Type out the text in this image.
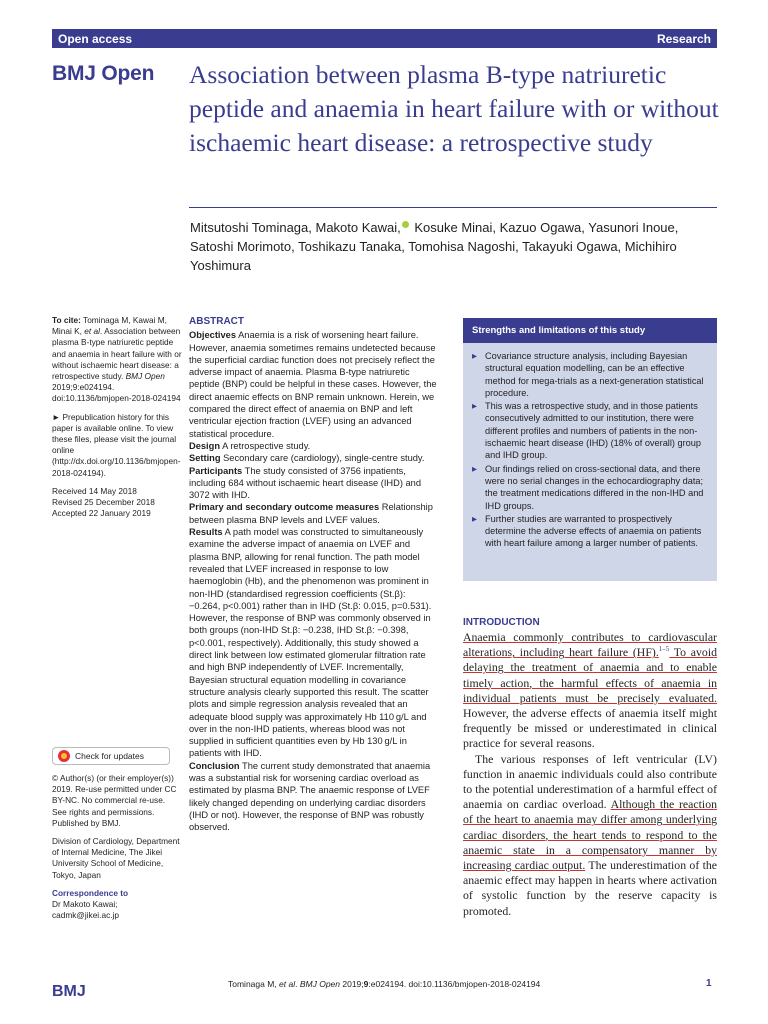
Open access	Research
BMJ Open Association between plasma B-type natriuretic peptide and anaemia in heart failure with or without ischaemic heart disease: a retrospective study
Mitsutoshi Tominaga, Makoto Kawai, Kosuke Minai, Kazuo Ogawa, Yasunori Inoue, Satoshi Morimoto, Toshikazu Tanaka, Tomohisa Nagoshi, Takayuki Ogawa, Michihiro Yoshimura

To cite: Tominaga M, Kawai M, Minai K, et al. Association between plasma B-type natriuretic peptide and anaemia in heart failure with or without ischaemic heart disease: a retrospective study. BMJ Open 2019;9:e024194. doi:10.1136/bmjopen-2018-024194

► Prepublication history for this paper is available online. To view these files, please visit the journal online (http://dx.doi.org/10.1136/bmjopen-2018-024194).

Received 14 May 2018

Revised 25 December 2018

Accepted 22 January 2019

Check for updates

© Author(s) (or their employer(s)) 2019. Re-use permitted under CC BY-NC. No commercial re-use. See rights and permissions. Published by BMJ.

Division of Cardiology, Department of Internal Medicine, The Jikei University School of Medicine, Tokyo, Japan

Correspondence to

Dr Makoto Kawai;

cadmk@jikei.ac.jp

ABSTRACT

Objectives Anaemia is a risk of worsening heart failure. However, anaemia sometimes remains undetected because the superficial cardiac function does not precisely reflect the adverse impact of anaemia. Plasma B-type natriuretic peptide (BNP) could be helpful in these cases. However, the direct anaemic effects on BNP remain unknown. Herein, we compared the direct effect of anaemia on BNP and left ventricular ejection fraction (LVEF) using an advanced statistical procedure.

Design A retrospective study.

Setting Secondary care (cardiology), single-centre study.

Participants The study consisted of 3756 inpatients, including 684 without ischaemic heart disease (IHD) and 3072 with IHD.

Primary and secondary outcome measures Relationship between plasma BNP levels and LVEF values.

Results A path model was constructed to simultaneously examine the adverse impact of anaemia on LVEF and plasma BNP, allowing for renal function. The path model revealed that LVEF increased in response to low haemoglobin (Hb), and the phenomenon was prominent in non-IHD (standardised regression coefficients (St.β): −0.264, p<0.001) rather than in IHD (St.β: 0.015, p=0.531). However, the response of BNP was commonly observed in both groups (non-IHD St.β: −0.238, IHD St.β: −0.398, p<0.001, respectively). Additionally, this study showed a direct link between low estimated glomerular filtration rate and high BNP independently of LVEF. Incrementally, Bayesian structural equation modelling in covariance structure analysis clearly supported this result. The scatter plots and simple regression analysis revealed that an adequate blood supply was approximately Hb 110 g/L and over in the non-IHD patients, whereas blood was not supplied in sufficient quantities even by Hb 130 g/L in patients with IHD.

Conclusion The current study demonstrated that anaemia was a substantial risk for worsening cardiac overload as estimated by plasma BNP. The anaemic response of LVEF likely changed depending on underlying cardiac disorders (IHD or not). However, the response of BNP was robustly observed.

Strengths and limitations of this study
▶ Covariance structure analysis, including Bayesian structural equation modelling, can be an effective method for mega-trials as a next-generation statistical procedure.
▶ This was a retrospective study, and in those patients consecutively admitted to our institution, there were different profiles and numbers of patients in the non-ischaemic heart disease (IHD) (18% of overall) group and IHD group.
▶ Our findings relied on cross-sectional data, and there were no serial changes in the echocardiography data; the treatment medications differed in the non-IHD and IHD groups.
▶ Further studies are warranted to prospectively determine the adverse effects of anaemia on patients with heart failure among a larger number of patients.
INTRODUCTION

Anaemia commonly contributes to cardiovascular alterations, including heart failure (HF).$^{1-5}$ To avoid delaying the treatment of anaemia and to enable timely action, the harmful effects of anaemia in individual patients must be precisely evaluated. However, the adverse effects of anaemia itself might frequently be missed or underestimated in clinical practice for several reasons.

The various responses of left ventricular (LV) function in anaemic individuals could also contribute to the potential underestimation of a harmful effect of anaemia on cardiac overload. Although the reaction of the heart to anaemia may differ among underlying cardiac disorders, the heart tends to respond to the anaemic state in a compensatory manner by increasing cardiac output. The underestimation of the anaemic effect may happen in hearts where activation of systolic function by the reserve capacity is promoted.

BMJ	Tominaga M, et al. BMJ Open 2019;9:e024194. doi:10.1136/bmjopen-2018-024194	1
